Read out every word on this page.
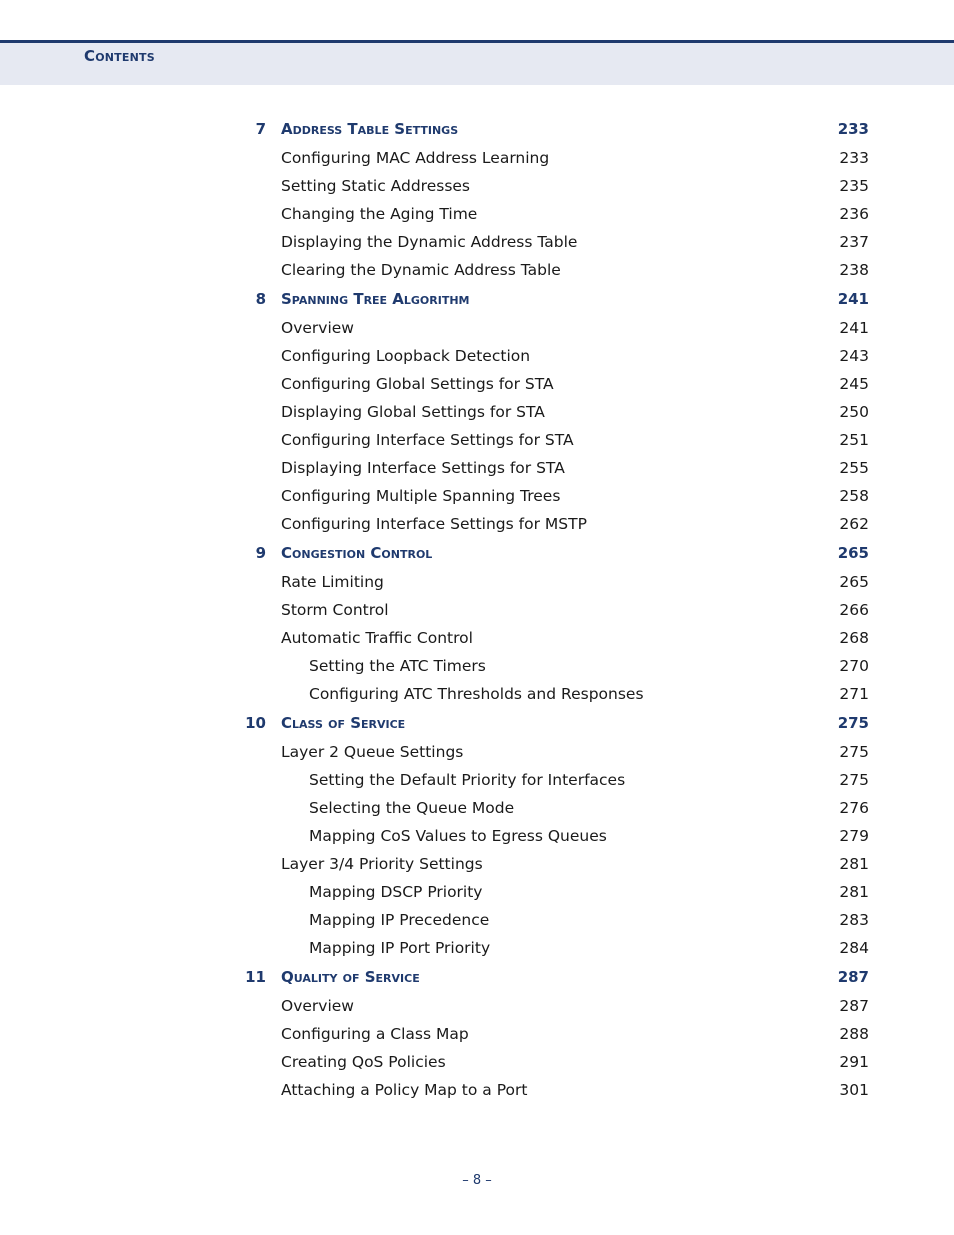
Contents
7 Address Table Settings	233
Configuring MAC Address Learning	233
Setting Static Addresses	235
Changing the Aging Time	236
Displaying the Dynamic Address Table	237
Clearing the Dynamic Address Table	238
8 Spanning Tree Algorithm	241
Overview	241
Configuring Loopback Detection	243
Configuring Global Settings for STA	245
Displaying Global Settings for STA	250
Configuring Interface Settings for STA	251
Displaying Interface Settings for STA	255
Configuring Multiple Spanning Trees	258
Configuring Interface Settings for MSTP	262
9 Congestion Control	265
Rate Limiting	265
Storm Control	266
Automatic Traffic Control	268
Setting the ATC Timers	270
Configuring ATC Thresholds and Responses	271
10 Class of Service	275
Layer 2 Queue Settings	275
Setting the Default Priority for Interfaces	275
Selecting the Queue Mode	276
Mapping CoS Values to Egress Queues	279
Layer 3/4 Priority Settings	281
Mapping DSCP Priority	281
Mapping IP Precedence	283
Mapping IP Port Priority	284
11 Quality of Service	287
Overview	287
Configuring a Class Map	288
Creating QoS Policies	291
Attaching a Policy Map to a Port	301
– 8 –
